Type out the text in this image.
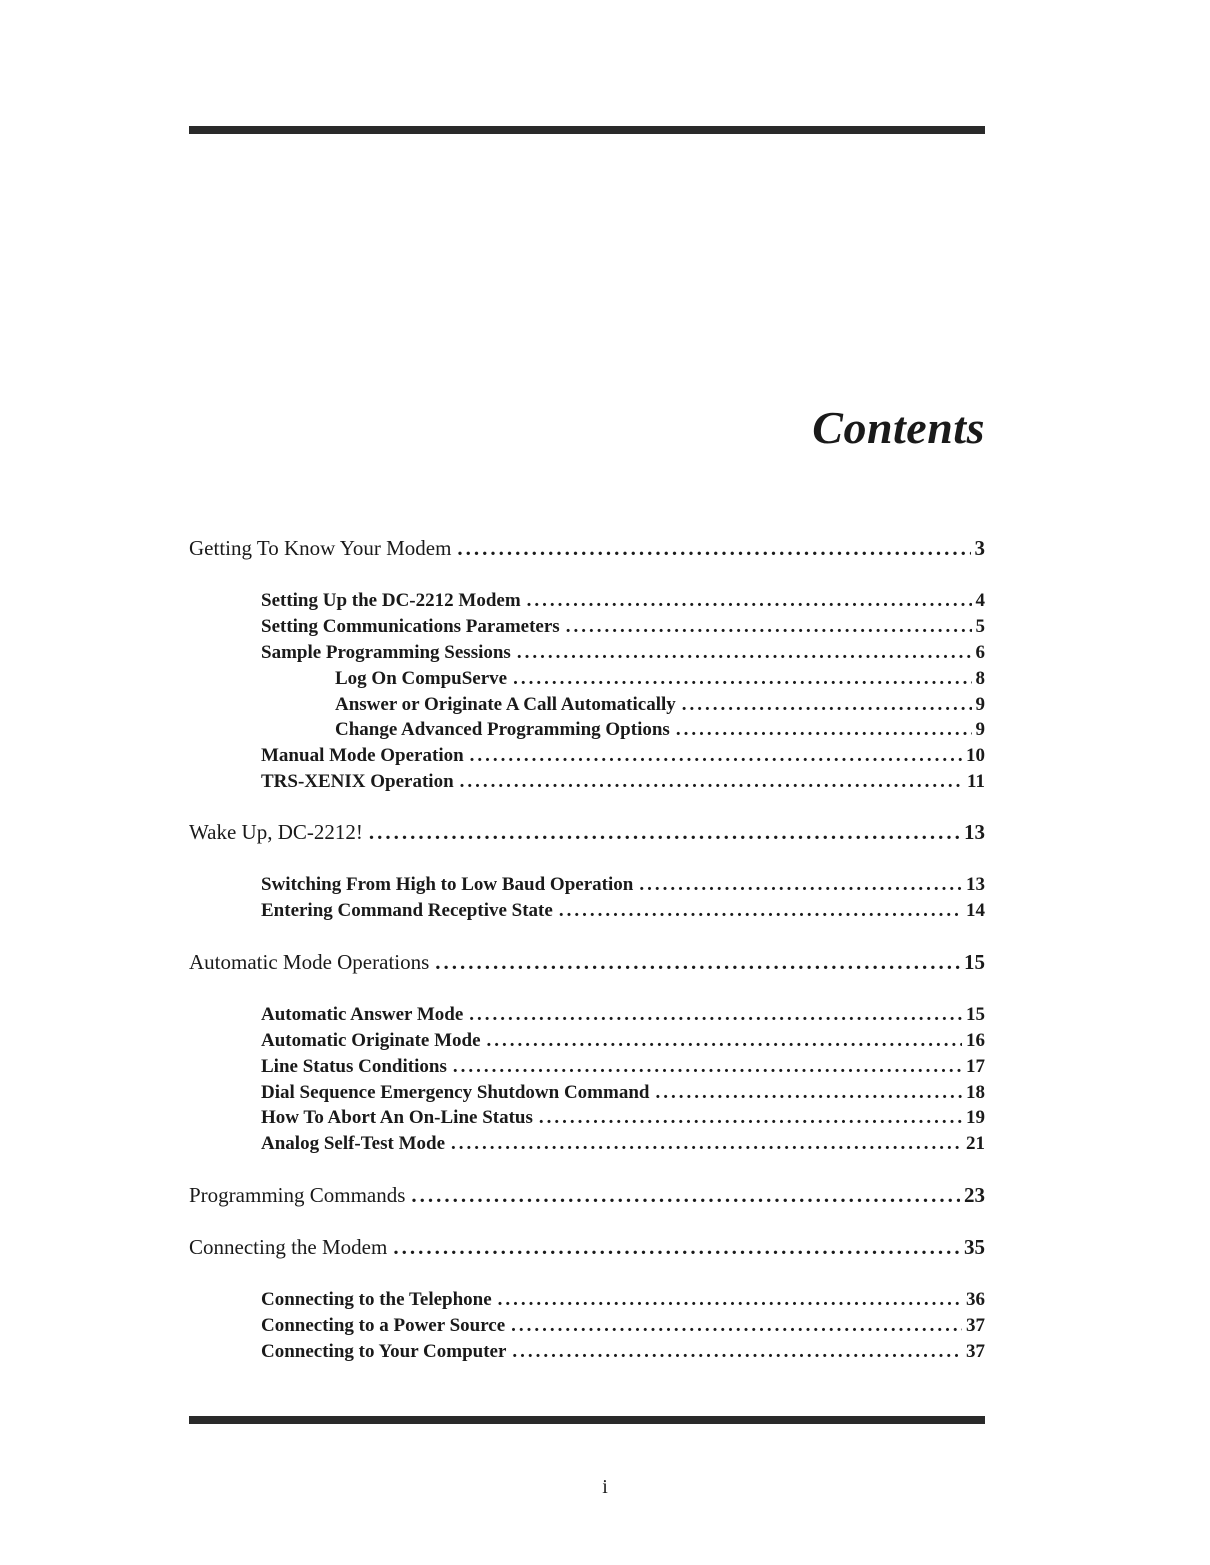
Contents
Getting To Know Your Modem .....	3
Setting Up the DC-2212 Modem .....	4
Setting Communications Parameters .....	5
Sample Programming Sessions .....	6
Log On CompuServe .....	8
Answer or Originate A Call Automatically .....	9
Change Advanced Programming Options .....	9
Manual Mode Operation .....	10
TRS-XENIX Operation .....	11
Wake Up, DC-2212! .....	13
Switching From High to Low Baud Operation .....	13
Entering Command Receptive State .....	14
Automatic Mode Operations .....	15
Automatic Answer Mode .....	15
Automatic Originate Mode .....	16
Line Status Conditions .....	17
Dial Sequence Emergency Shutdown Command .....	18
How To Abort An On-Line Status .....	19
Analog Self-Test Mode .....	21
Programming Commands .....	23
Connecting the Modem .....	35
Connecting to the Telephone .....	36
Connecting to a Power Source .....	37
Connecting to Your Computer .....	37
i
